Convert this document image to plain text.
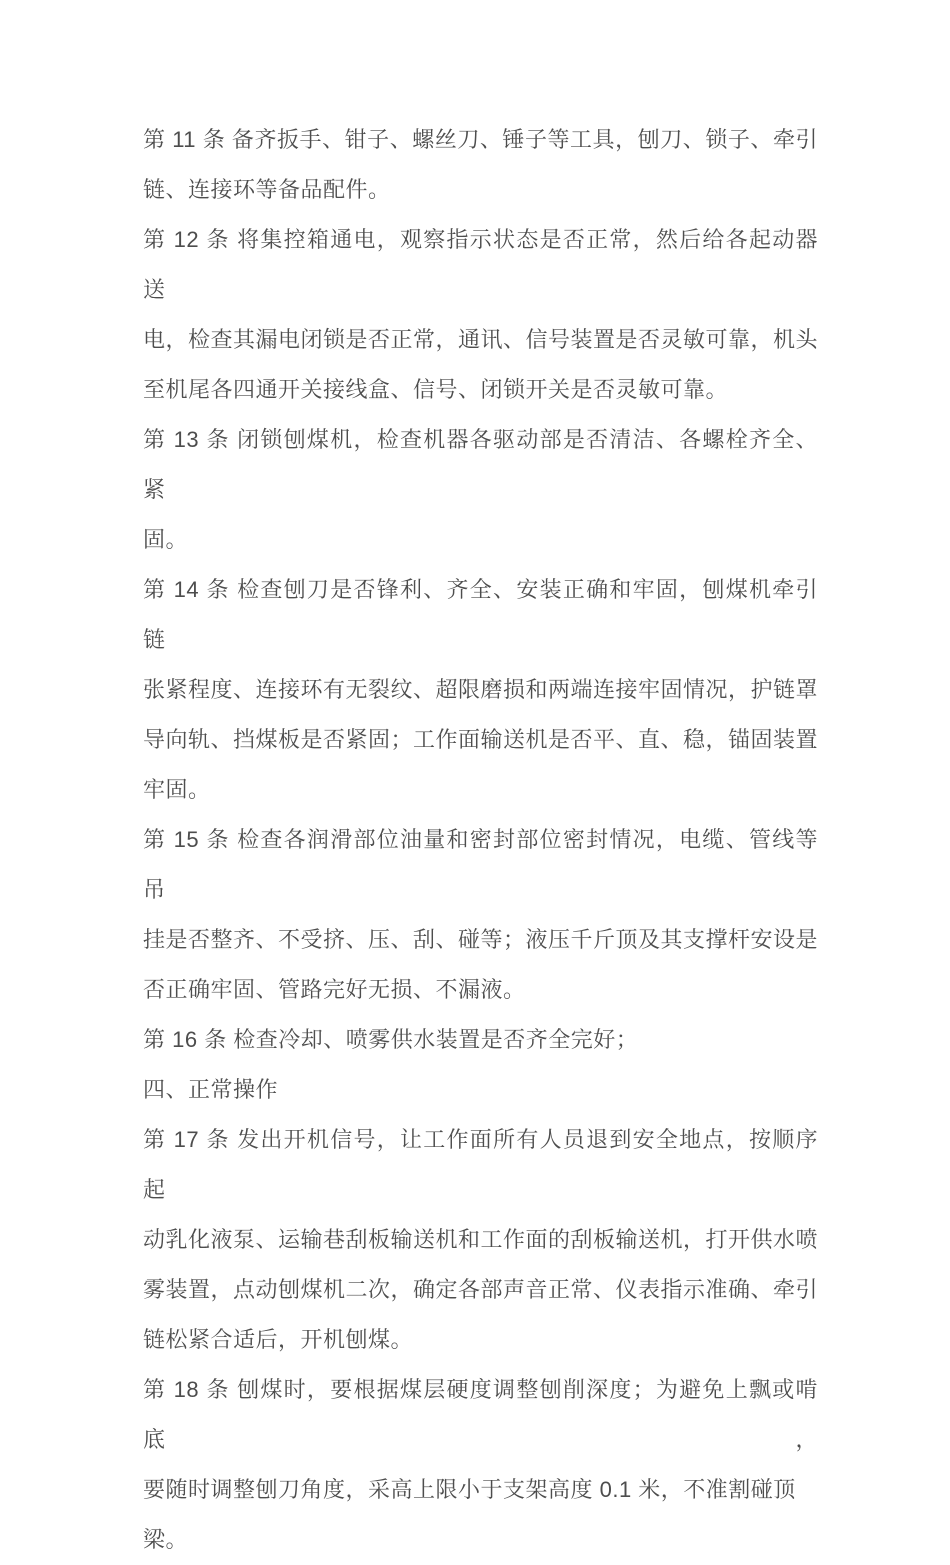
第 11 条 备齐扳手、钳子、螺丝刀、锤子等工具，刨刀、锁子、牵引
链、连接环等备品配件。
第 12 条 将集控箱通电，观察指示状态是否正常，然后给各起动器送
电，检查其漏电闭锁是否正常，通讯、信号装置是否灵敏可靠，机头
至机尾各四通开关接线盒、信号、闭锁开关是否灵敏可靠。
第 13 条 闭锁刨煤机，检查机器各驱动部是否清洁、各螺栓齐全、紧
固。
第 14 条 检查刨刀是否锋利、齐全、安装正确和牢固，刨煤机牵引链
张紧程度、连接环有无裂纹、超限磨损和两端连接牢固情况，护链罩
导向轨、挡煤板是否紧固；工作面输送机是否平、直、稳，锚固装置
牢固。
第 15 条 检查各润滑部位油量和密封部位密封情况，电缆、管线等吊
挂是否整齐、不受挤、压、刮、碰等；液压千斤顶及其支撑杆安设是
否正确牢固、管路完好无损、不漏液。
第 16 条 检查冷却、喷雾供水装置是否齐全完好；
四、正常操作
第 17 条 发出开机信号，让工作面所有人员退到安全地点，按顺序起
动乳化液泵、运输巷刮板输送机和工作面的刮板输送机，打开供水喷
雾装置，点动刨煤机二次，确定各部声音正常、仪表指示准确、牵引
链松紧合适后，开机刨煤。
第 18 条 刨煤时，要根据煤层硬度调整刨削深度；为避免上飘或啃底，
要随时调整刨刀角度，采高上限小于支架高度 0.1 米，不准割碰顶梁。
